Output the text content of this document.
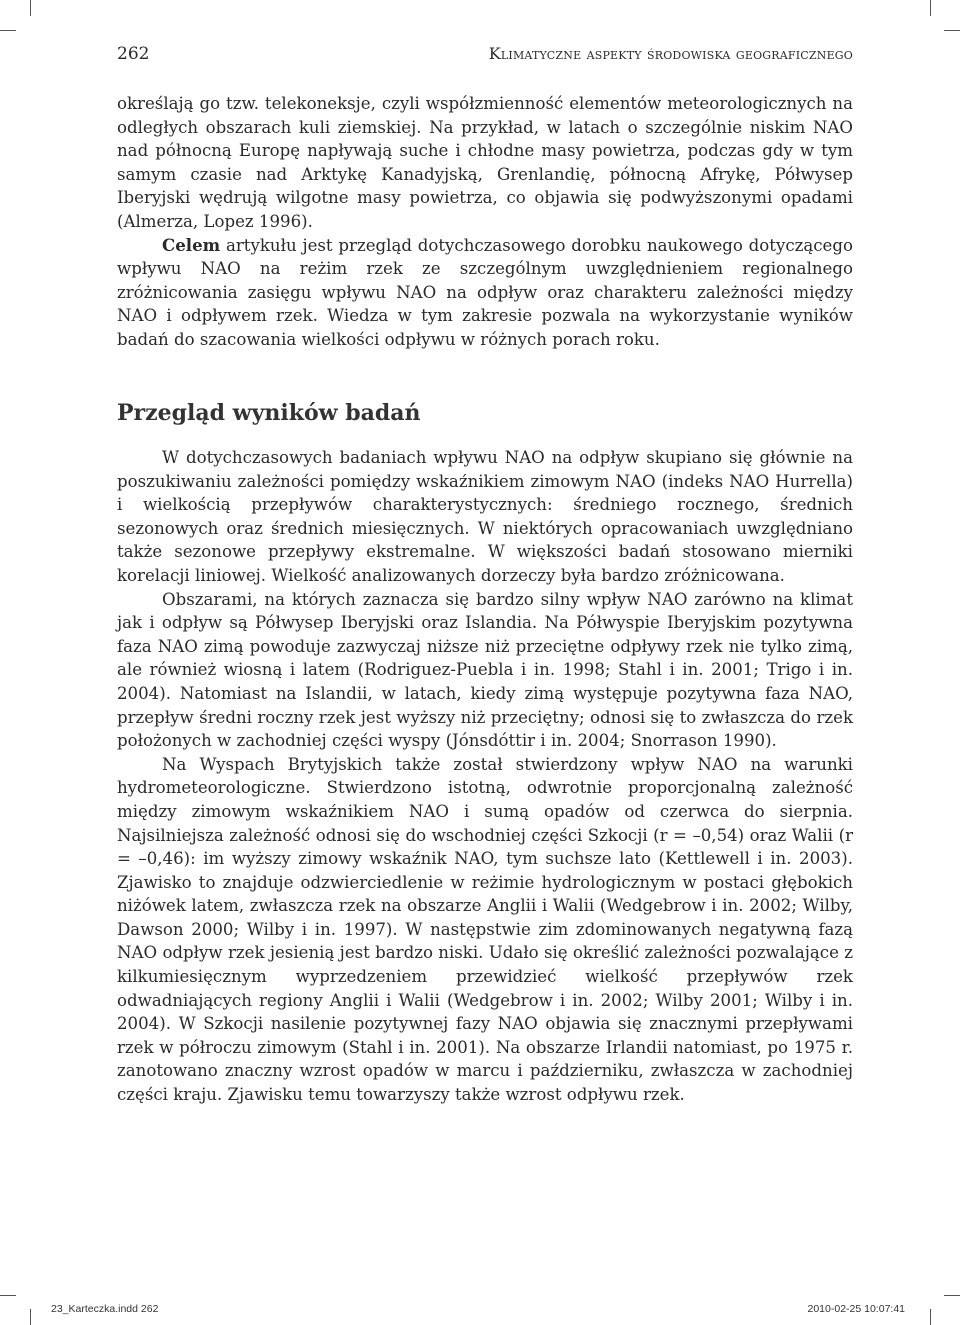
262	Klimatyczne aspekty środowiska geograficznego

określają go tzw. telekoneksje, czyli współzmienność elementów meteorologicznych na odległych obszarach kuli ziemskiej. Na przykład, w latach o szczególnie niskim NAO nad północną Europę napływają suche i chłodne masy powietrza, podczas gdy w tym samym czasie nad Arktykę Kanadyjską, Grenlandię, północną Afrykę, Półwysep Iberyjski wędrują wilgotne masy powietrza, co objawia się podwyższonymi opadami (Almerza, Lopez 1996).

Celem artykułu jest przegląd dotychczasowego dorobku naukowego dotyczącego wpływu NAO na reżim rzek ze szczególnym uwzględnieniem regionalnego zróżnicowania zasięgu wpływu NAO na odpływ oraz charakteru zależności między NAO i odpływem rzek. Wiedza w tym zakresie pozwala na wykorzystanie wyników badań do szacowania wielkości odpływu w różnych porach roku.

Przegląd wyników badań

W dotychczasowych badaniach wpływu NAO na odpływ skupiano się głównie na poszukiwaniu zależności pomiędzy wskaźnikiem zimowym NAO (indeks NAO Hurrella) i wielkością przepływów charakterystycznych: średniego rocznego, średnich sezonowych oraz średnich miesięcznych. W niektórych opracowaniach uwzględniano także sezonowe przepływy ekstremalne. W większości badań stosowano mierniki korelacji liniowej. Wielkość analizowanych dorzeczy była bardzo zróżnicowana.

Obszarami, na których zaznacza się bardzo silny wpływ NAO zarówno na klimat jak i odpływ są Półwysep Iberyjski oraz Islandia. Na Półwyspie Iberyjskim pozytywna faza NAO zimą powoduje zazwyczaj niższe niż przeciętne odpływy rzek nie tylko zimą, ale również wiosną i latem (Rodriguez-Puebla i in. 1998; Stahl i in. 2001; Trigo i in. 2004). Natomiast na Islandii, w latach, kiedy zimą występuje pozytywna faza NAO, przepływ średni roczny rzek jest wyższy niż przeciętny; odnosi się to zwłaszcza do rzek położonych w zachodniej części wyspy (Jónsdóttir i in. 2004; Snorrason 1990).

Na Wyspach Brytyjskich także został stwierdzony wpływ NAO na warunki hydrometeorologiczne. Stwierdzono istotną, odwrotnie proporcjonalną zależność między zimowym wskaźnikiem NAO i sumą opadów od czerwca do sierpnia. Najsilniejsza zależność odnosi się do wschodniej części Szkocji (r = –0,54) oraz Walii (r = –0,46): im wyższy zimowy wskaźnik NAO, tym suchsze lato (Kettlewell i in. 2003). Zjawisko to znajduje odzwierciedlenie w reżimie hydrologicznym w postaci głębokich niżówek latem, zwłaszcza rzek na obszarze Anglii i Walii (Wedgebrow i in. 2002; Wilby, Dawson 2000; Wilby i in. 1997). W następstwie zim zdominowanych negatywną fazą NAO odpływ rzek jesienią jest bardzo niski. Udało się określić zależności pozwalające z kilkumiesięcznym wyprzedzeniem przewidzieć wielkość przepływów rzek odwadniających regiony Anglii i Walii (Wedgebrow i in. 2002; Wilby 2001; Wilby i in. 2004). W Szkocji nasilenie pozytywnej fazy NAO objawia się znacznymi przepływami rzek w półroczu zimowym (Stahl i in. 2001). Na obszarze Irlandii natomiast, po 1975 r. zanotowano znaczny wzrost opadów w marcu i październiku, zwłaszcza w zachodniej części kraju. Zjawisku temu towarzyszy także wzrost odpływu rzek.

23_Karteczka.indd 262	2010-02-25 10:07:41
